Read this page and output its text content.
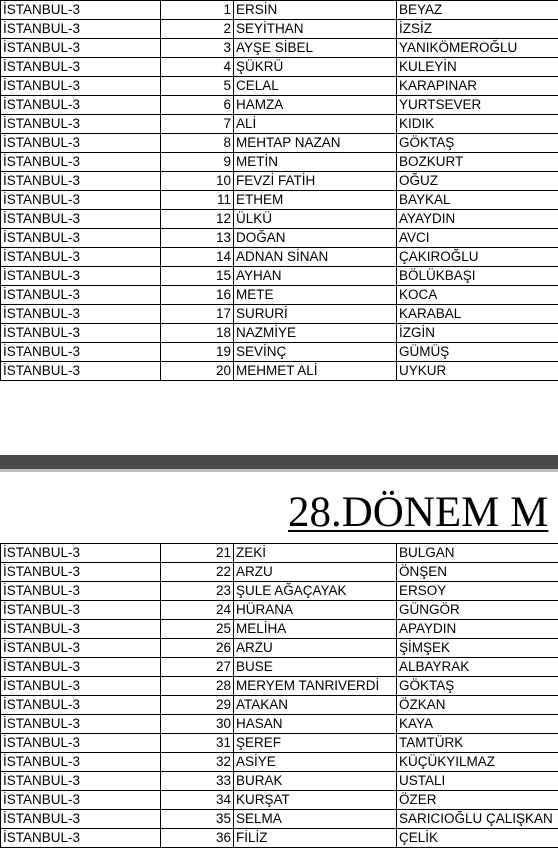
İSTANBUL-3	1	ERSİN	BEYAZ
İSTANBUL-3	2	SEYİTHAN	İZSİZ
İSTANBUL-3	3	AYŞE SİBEL	YANIKÖMEROĞLU
İSTANBUL-3	4	ŞÜKRÜ	KULEYİN
İSTANBUL-3	5	CELAL	KARAPINAR
İSTANBUL-3	6	HAMZA	YURTSEVER
İSTANBUL-3	7	ALİ	KIDIK
İSTANBUL-3	8	MEHTAP NAZAN	GÖKTAŞ
İSTANBUL-3	9	METİN	BOZKURT
İSTANBUL-3	10	FEVZİ FATİH	OĞUZ
İSTANBUL-3	11	ETHEM	BAYKAL
İSTANBUL-3	12	ÜLKÜ	AYAYDIN
İSTANBUL-3	13	DOĞAN	AVCI
İSTANBUL-3	14	ADNAN SİNAN	ÇAKIROĞLU
İSTANBUL-3	15	AYHAN	BÖLÜKBAŞI
İSTANBUL-3	16	METE	KOCA
İSTANBUL-3	17	SURURİ	KARABAL
İSTANBUL-3	18	NAZMİYE	İZGİN
İSTANBUL-3	19	SEVİNÇ	GÜMÜŞ
İSTANBUL-3	20	MEHMET ALİ	UYKUR
28.DÖNEM M
İSTANBUL-3	21	ZEKİ	BULGAN
İSTANBUL-3	22	ARZU	ÖNŞEN
İSTANBUL-3	23	ŞULE AĞAÇAYAK	ERSOY
İSTANBUL-3	24	HÜRANA	GÜNGÖR
İSTANBUL-3	25	MELİHA	APAYDIN
İSTANBUL-3	26	ARZU	ŞİMŞEK
İSTANBUL-3	27	BUSE	ALBAYRAK
İSTANBUL-3	28	MERYEM TANRIVERDİ	GÖKTAŞ
İSTANBUL-3	29	ATAKAN	ÖZKAN
İSTANBUL-3	30	HASAN	KAYA
İSTANBUL-3	31	ŞEREF	TAMTÜRK
İSTANBUL-3	32	ASİYE	KÜÇÜKYILMAZ
İSTANBUL-3	33	BURAK	USTALI
İSTANBUL-3	34	KURŞAT	ÖZER
İSTANBUL-3	35	SELMA	SARICIOĞLU ÇALIŞKAN
İSTANBUL-3	36	FİLİZ	ÇELİK
